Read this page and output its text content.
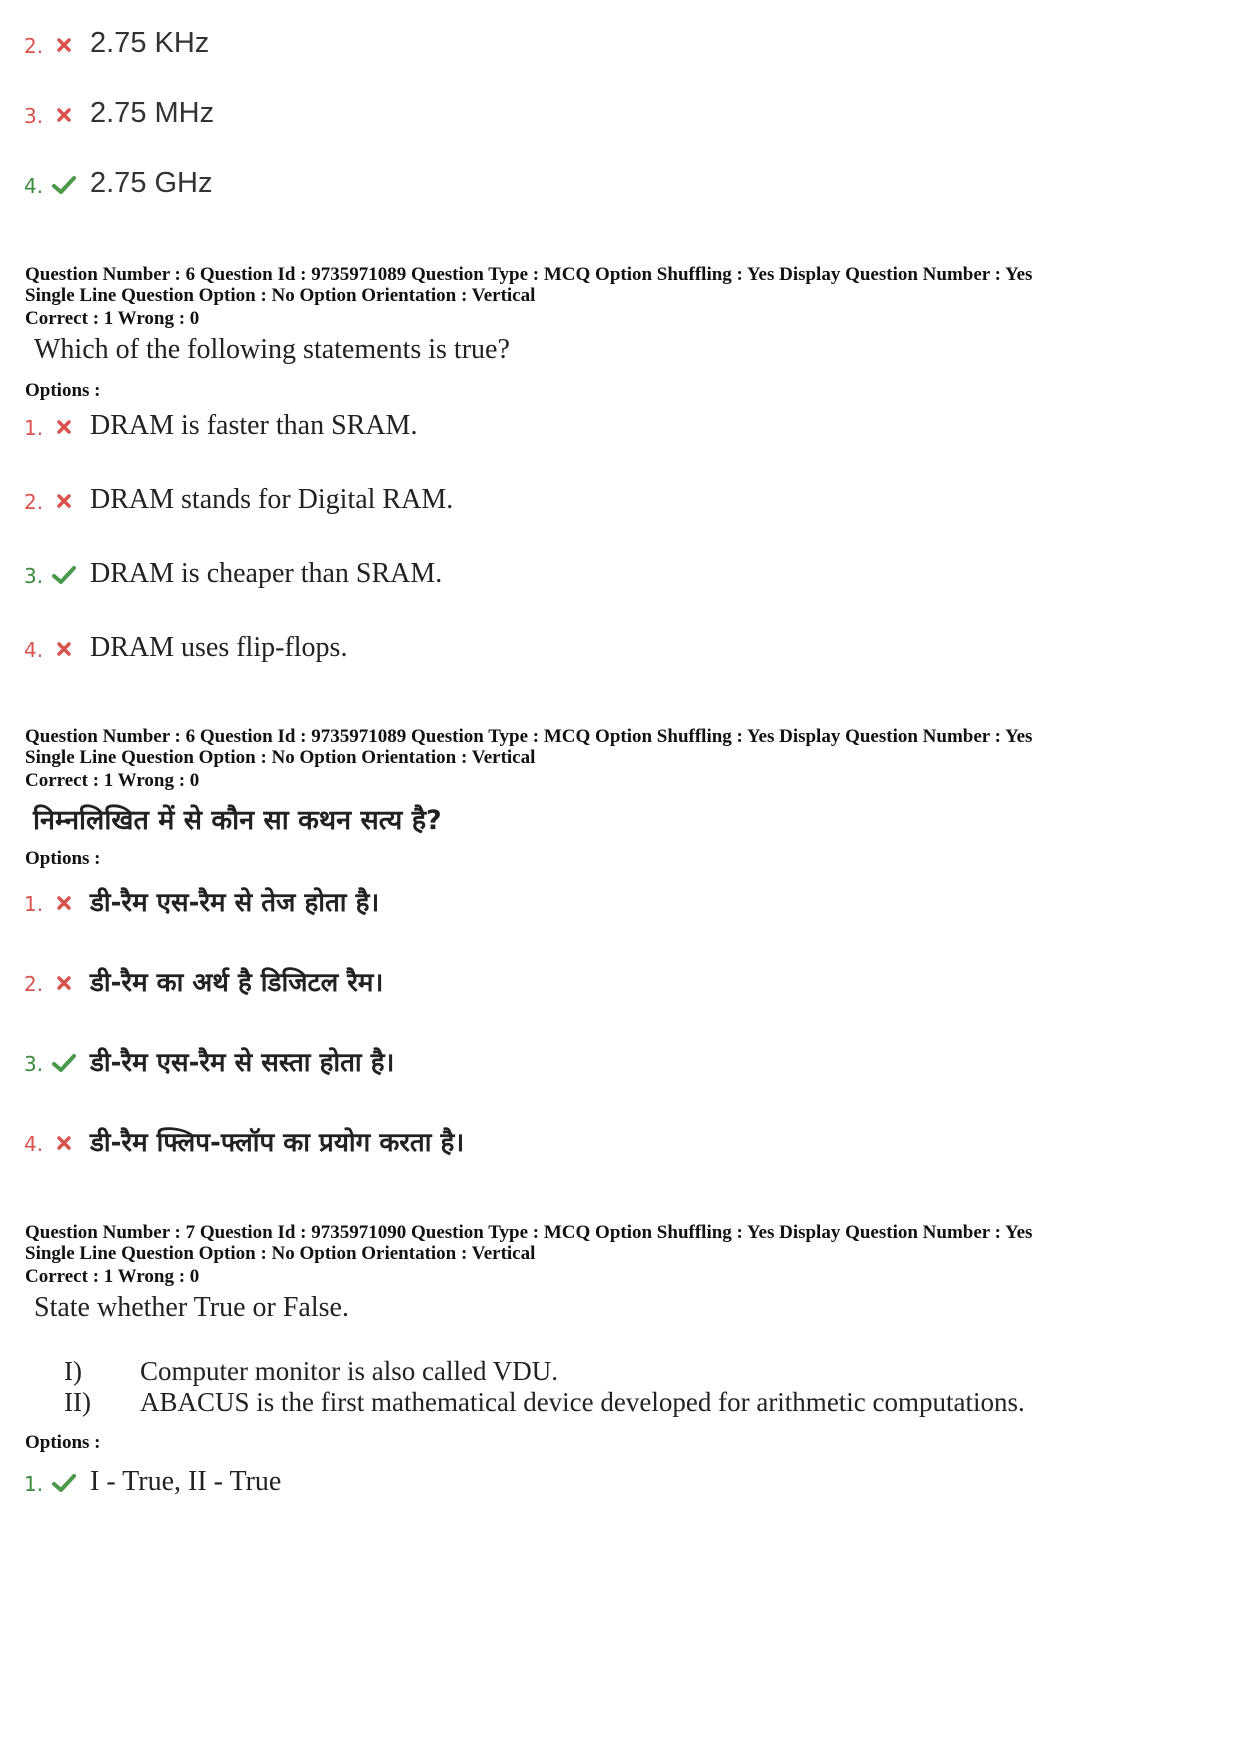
2. 2.75 KHz
3. 2.75 MHz
4. 2.75 GHz
Question Number : 6 Question Id : 9735971089 Question Type : MCQ Option Shuffling : Yes Display Question Number : Yes
Single Line Question Option : No Option Orientation : Vertical
Correct : 1 Wrong : 0
Which of the following statements is true?
Options :
1. DRAM is faster than SRAM.
2. DRAM stands for Digital RAM.
3. DRAM is cheaper than SRAM.
4. DRAM uses flip-flops.
Question Number : 6 Question Id : 9735971089 Question Type : MCQ Option Shuffling : Yes Display Question Number : Yes
Single Line Question Option : No Option Orientation : Vertical
Correct : 1 Wrong : 0
निम्नलिखित में से कौन सा कथन सत्य है?
Options :
1. डी-रैम एस-रैम से तेज होता है।
2. डी-रैम का अर्थ है डिजिटल रैम।
3. डी-रैम एस-रैम से सस्ता होता है।
4. डी-रैम फ्लिप-फ्लॉप का प्रयोग करता है।
Question Number : 7 Question Id : 9735971090 Question Type : MCQ Option Shuffling : Yes Display Question Number : Yes
Single Line Question Option : No Option Orientation : Vertical
Correct : 1 Wrong : 0
State whether True or False.
I) Computer monitor is also called VDU.
II) ABACUS is the first mathematical device developed for arithmetic computations.
Options :
1. I - True, II - True
